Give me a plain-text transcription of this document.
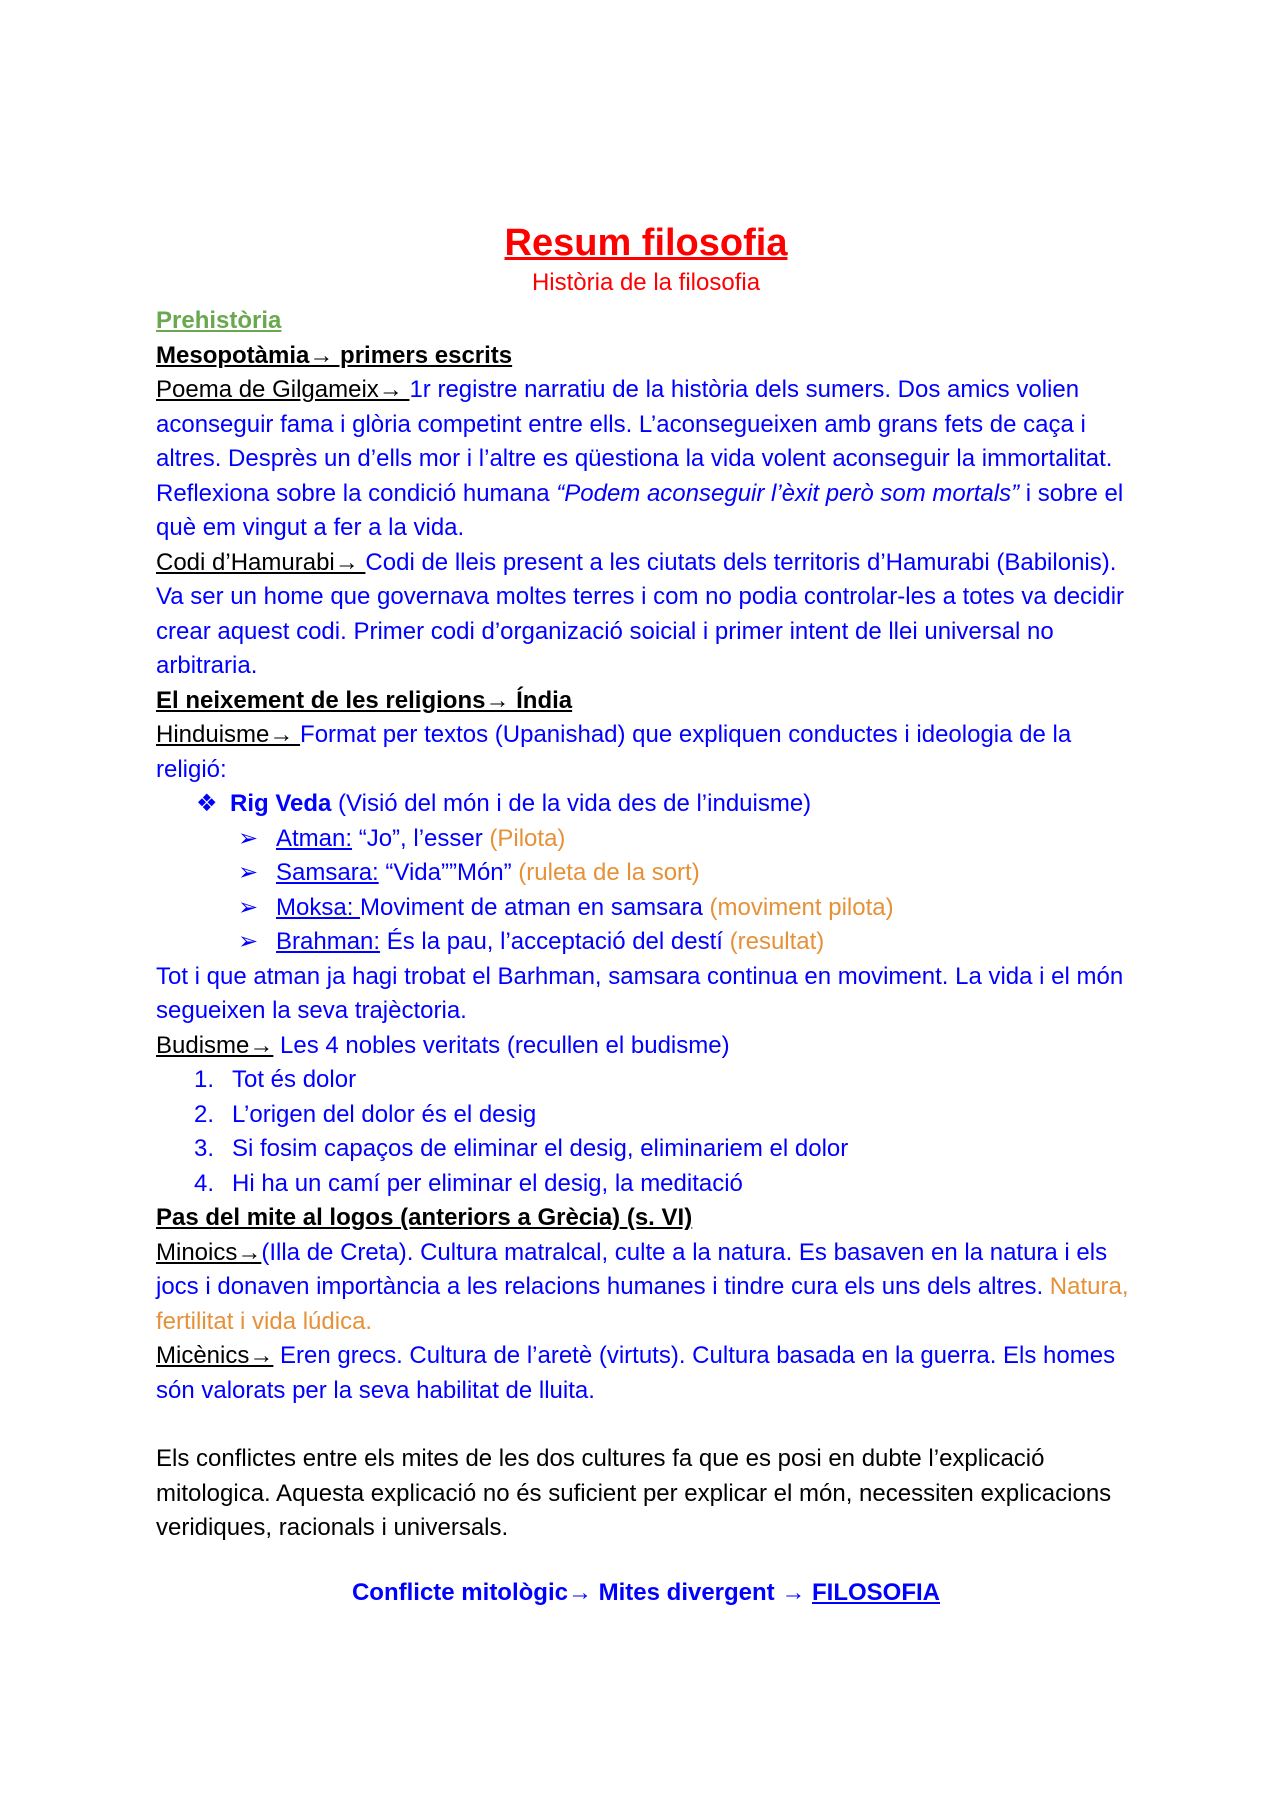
Resum filosofia

Història de la filosofia

Prehistòria

Mesopotàmia→ primers escrits

Poema de Gilgameix→ 1r registre narratiu de la història dels sumers. Dos amics volien aconseguir fama i glòria competint entre ells. L’aconsegueixen amb grans fets de caça i altres. Desprès un d’ells mor i l’altre es qüestiona la vida volent aconseguir la immortalitat. Reflexiona sobre la condició humana “Podem aconseguir l’èxit però som mortals” i sobre el què em vingut a fer a la vida.

Codi d’Hamurabi→ Codi de lleis present a les ciutats dels territoris d’Hamurabi (Babilonis). Va ser un home que governava moltes terres i com no podia controlar-les a totes va decidir crear aquest codi. Primer codi d’organizació soicial i primer intent de llei universal no arbitraria.

El neixement de les religions→ Índia

Hinduisme→ Format per textos (Upanishad) que expliquen conductes i ideologia de la religió:

❖ Rig Veda (Visió del món i de la vida des de l’induisme)
➢ Atman: “Jo”, l’esser (Pilota)
➢ Samsara: “Vida””Món” (ruleta de la sort)
➢ Moksa: Moviment de atman en samsara (moviment pilota)
➢ Brahman: És la pau, l’acceptació del destí (resultat)

Tot i que atman ja hagi trobat el Barhman, samsara continua en moviment. La vida i el món segueixen la seva trajèctoria.

Budisme→ Les 4 nobles veritats (recullen el budisme)

1. Tot és dolor
2. L’origen del dolor és el desig
3. Si fosim capaços de eliminar el desig, eliminariem el dolor
4. Hi ha un camí per eliminar el desig, la meditació

Pas del mite al logos (anteriors a Grècia) (s. VI)

Minoics→(Illa de Creta). Cultura matralcal, culte a la natura. Es basaven en la natura i els jocs i donaven importància a les relacions humanes i tindre cura els uns dels altres. Natura, fertilitat i vida lúdica.

Micènics→ Eren grecs. Cultura de l’aretè (virtuts). Cultura basada en la guerra. Els homes són valorats per la seva habilitat de lluita.

Els conflictes entre els mites de les dos cultures fa que es posi en dubte l’explicació mitologica. Aquesta explicació no és suficient per explicar el món, necessiten explicacions veridiques, racionals i universals.

Conflicte mitològic→ Mites divergent → FILOSOFIA
